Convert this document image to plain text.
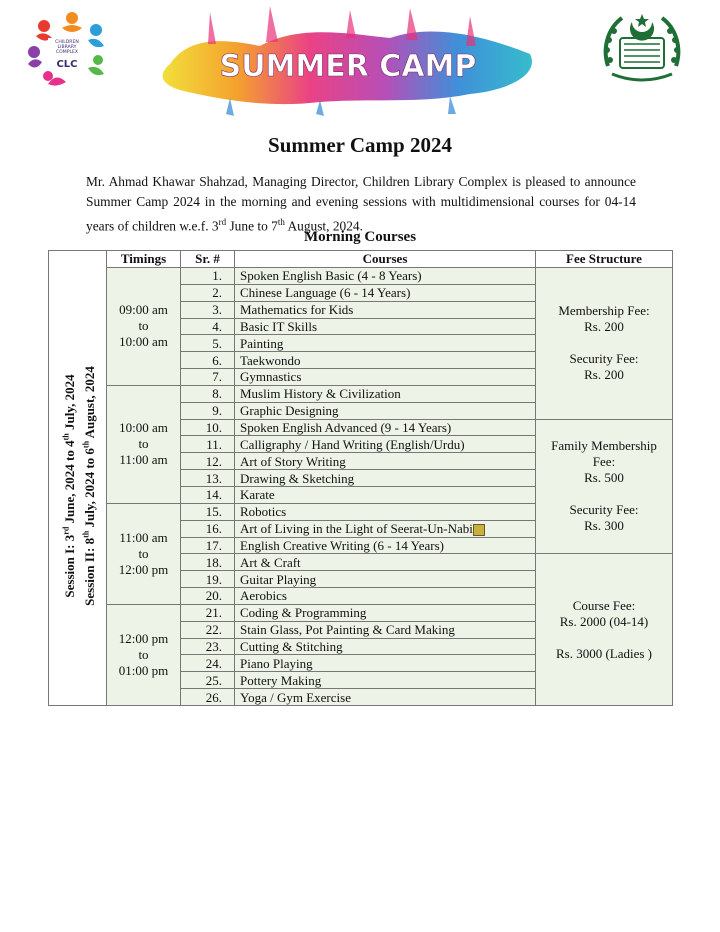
CHILDREN
LIBRARY
COMPLEX
CLC	SUMMER CAMP
Summer Camp 2024
Mr. Ahmad Khawar Shahzad, Managing Director, Children Library Complex is pleased to announce Summer Camp 2024 in the morning and evening sessions with multidimensional courses for 04-14 years of children w.e.f. 3rd June to 7th August, 2024.
Morning Courses
	Timings	Sr. #	Courses	Fee Structure

Session I: 3rd June, 2024 to 4th July, 2024
Session II: 8th July, 2024 to 6th August, 2024	09:00 am
to
10:00 am	1.	Spoken English Basic (4 - 8 Years)	Membership Fee:
Rs. 200
Security Fee:
Rs. 200

		2.	Chinese Language (6 - 14 Years)	
		3.	Mathematics for Kids	
		4.	Basic IT Skills	
		5.	Painting	
		6.	Taekwondo	
		7.	Gymnastics	

	10:00 am
to
11:00 am	8.	Muslim History & Civilization	
		9.	Graphic Designing	
		10.	Spoken English Advanced (9 - 14 Years)	Family Membership
Fee:
Rs. 500
Security Fee:
Rs. 300

		11.	Calligraphy / Hand Writing (English/Urdu)	
		12.	Art of Story Writing	
		13.	Drawing & Sketching	
		14.	Karate	

	11:00 am
to
12:00 pm	15.	Robotics	
		16.	Art of Living in the Light of Seerat-Un-Nabi	
		17.	English Creative Writing (6 - 14 Years)	
		18.	Art & Craft	Course Fee:
Rs. 2000 (04-14)
Rs. 3000 (Ladies )

		19.	Guitar Playing	
		20.	Aerobics	

	12:00 pm
to
01:00 pm	21.	Coding & Programming	
		22.	Stain Glass, Pot Painting & Card Making	
		23.	Cutting & Stitching	
		24.	Piano Playing	
		25.	Pottery Making	
		26.	Yoga / Gym Exercise	
